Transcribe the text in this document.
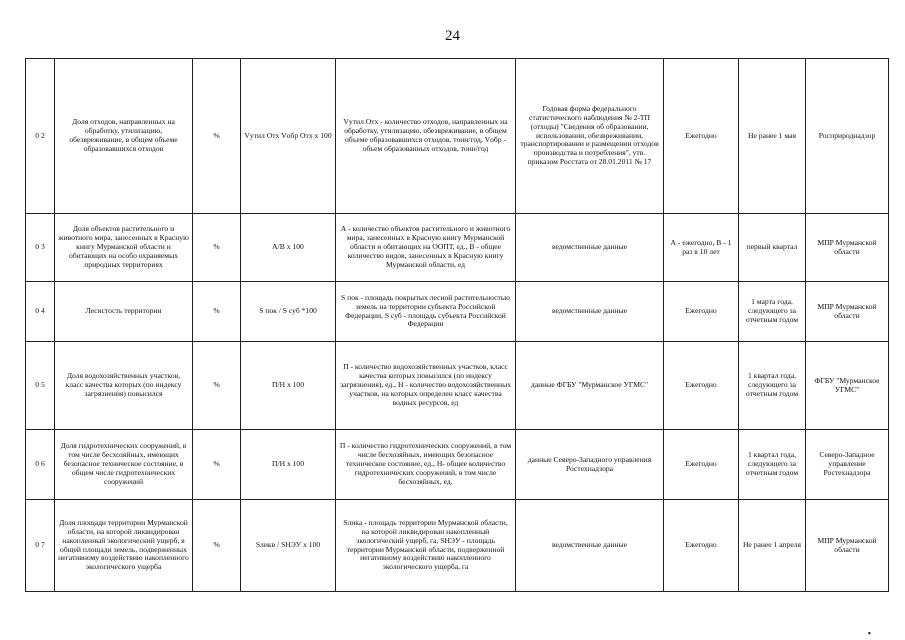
24
0 2	Доля отходов, направленных на обработку, утилизацию, обезвреживание, в общем объеме образовавшихся отходов	%	Vутил Отх Vобр Отх х 100	Vутил Отх - количество отходов, направленных на обработку, утилизацию, обезвреживание, в общем объеме образовавшихся отходов, тонн/год, Vобр - объем образованных отходов, тонн/год	Годовая форма федерального статистического наблюдения № 2-ТП (отходы) "Сведения об образовании, использовании, обезвреживании, транспортировании и размещении отходов производства и потребления", утв. приказом Росстата от 28.01.2011 № 17	Ежегодно	Не ранее 1 мая	Росприроднадзор
0 3	Доля объектов растительного и животного мира, занесенных в Красную книгу Мурманской области и обитающих на особо охраняемых природных территориях	%	А/В х 100	А - количество объектов растительного и животного мира, занесенных в Красную книгу Мурманской области и обитающих на ООПТ, ед., В - общее количество видов, занесенных в Красную книгу Мурманской области, ед	ведомственные данные	А - ежегодно, В - 1 раз в 10 лет	первый квартал	МПР Мурманской области
0 4	Лесистость территории	%	S пок / S суб *100	S пок - площадь покрытых лесной растительностью земель на территории субъекта Российской Федерации, S суб - площадь субъекта Российской Федерации	ведомственные данные	Ежегодно	1 марта года, следующего за отчетным годом	МПР Мурманской области
0 5	Доля водохозяйственных участков, класс качества которых (по индексу загрязнения) повысился	%	П/Н х 100	П - количество водохозяйственных участков, класс качества которых повысился (по индексу загрязнения), ед., Н - количество водохозяйственных участков, на которых определен класс качества водных ресурсов, ед	данные ФГБУ "Мурманское УГМС"	Ежегодно	1 квартал года, следующего за отчетным годом	ФГБУ "Мурманское УГМС"
0 6	Доля гидротехнических сооружений, в том числе бесхозяйных, имеющих безопасное техническое состояние, в общем числе гидротехнических сооружений	%	П/Н х 100	П - количество гидротехнических сооружений, в том числе бесхозяйных, имеющих безопасное техническое состояние, ед., Н- общее количество гидротехнических сооружений, в том числе бесхозяйных, ед.	данные Северо-Западного управления Ростехнадзора	Ежегодно	1 квартал года, следующего за отчетным годом	Северо-Западное управление Ростехнадзора
0 7	Доля площади территории Мурманской области, на которой ликвидирован накопленный экологический ущерб, в общей площади земель, подверженных негативному воздействию накопленного экологического ущерба	%	Sликв / SНЭУ х 100	Sлика - площадь территории Мурманской области, на которой ликвидирован накопленный экологический ущерб, га, SНЭУ - площадь территории Мурманской области, подверженной негативному воздействию накопленного экологического ущерба, га	ведомственные данные	Ежегодно	Не ранее 1 апреля	МПР Мурманской области
▪
